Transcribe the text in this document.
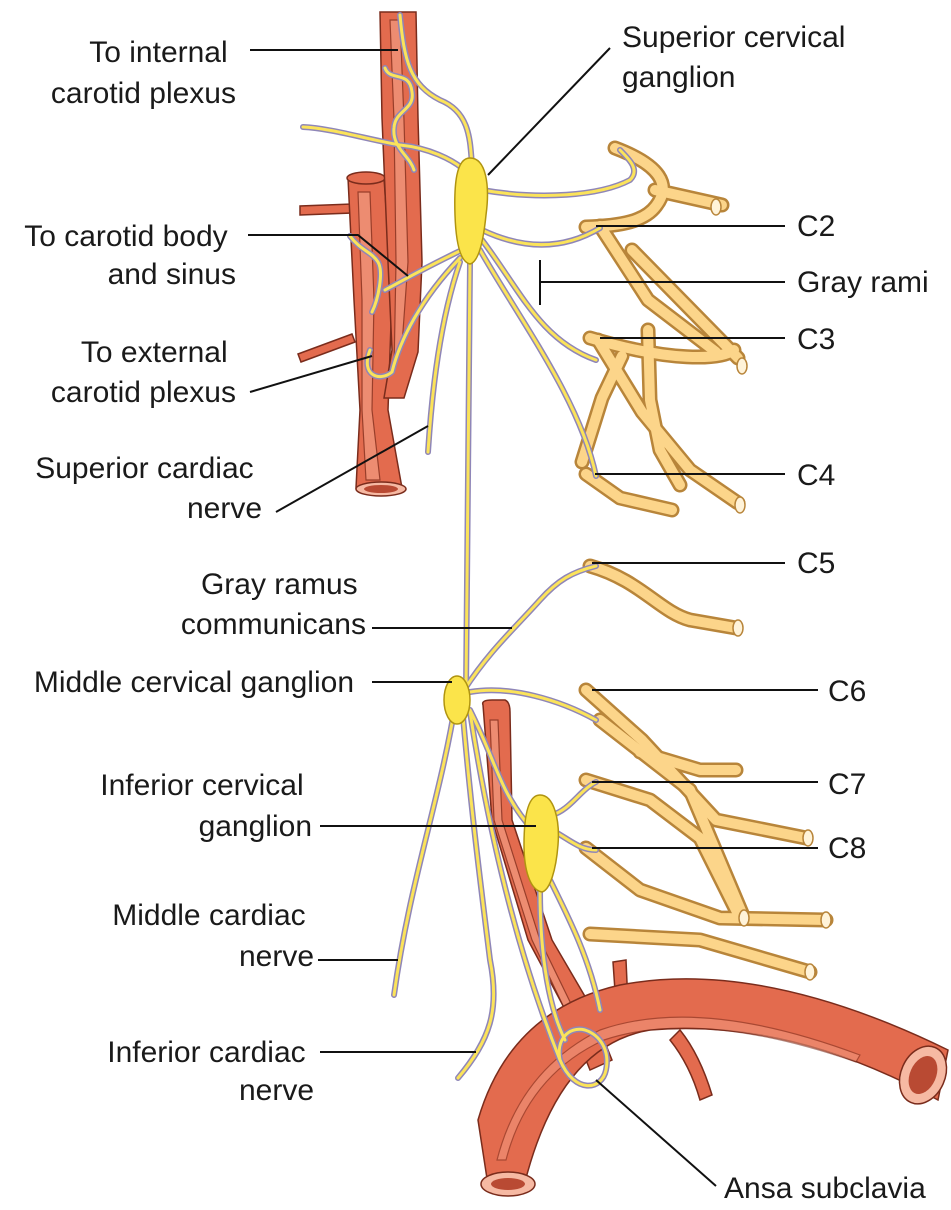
To internal carotid plexus
Superior cervical ganglion
To carotid body and sinus
To external carotid plexus
Superior cardiac nerve
C2
Gray rami
C3
C4
C5
Gray ramus communicans
Middle cervical ganglion	C6
Inferior cervical ganglion
C7
C8
Middle cardiac nerve
Inferior cardiac nerve
Ansa subclavia
